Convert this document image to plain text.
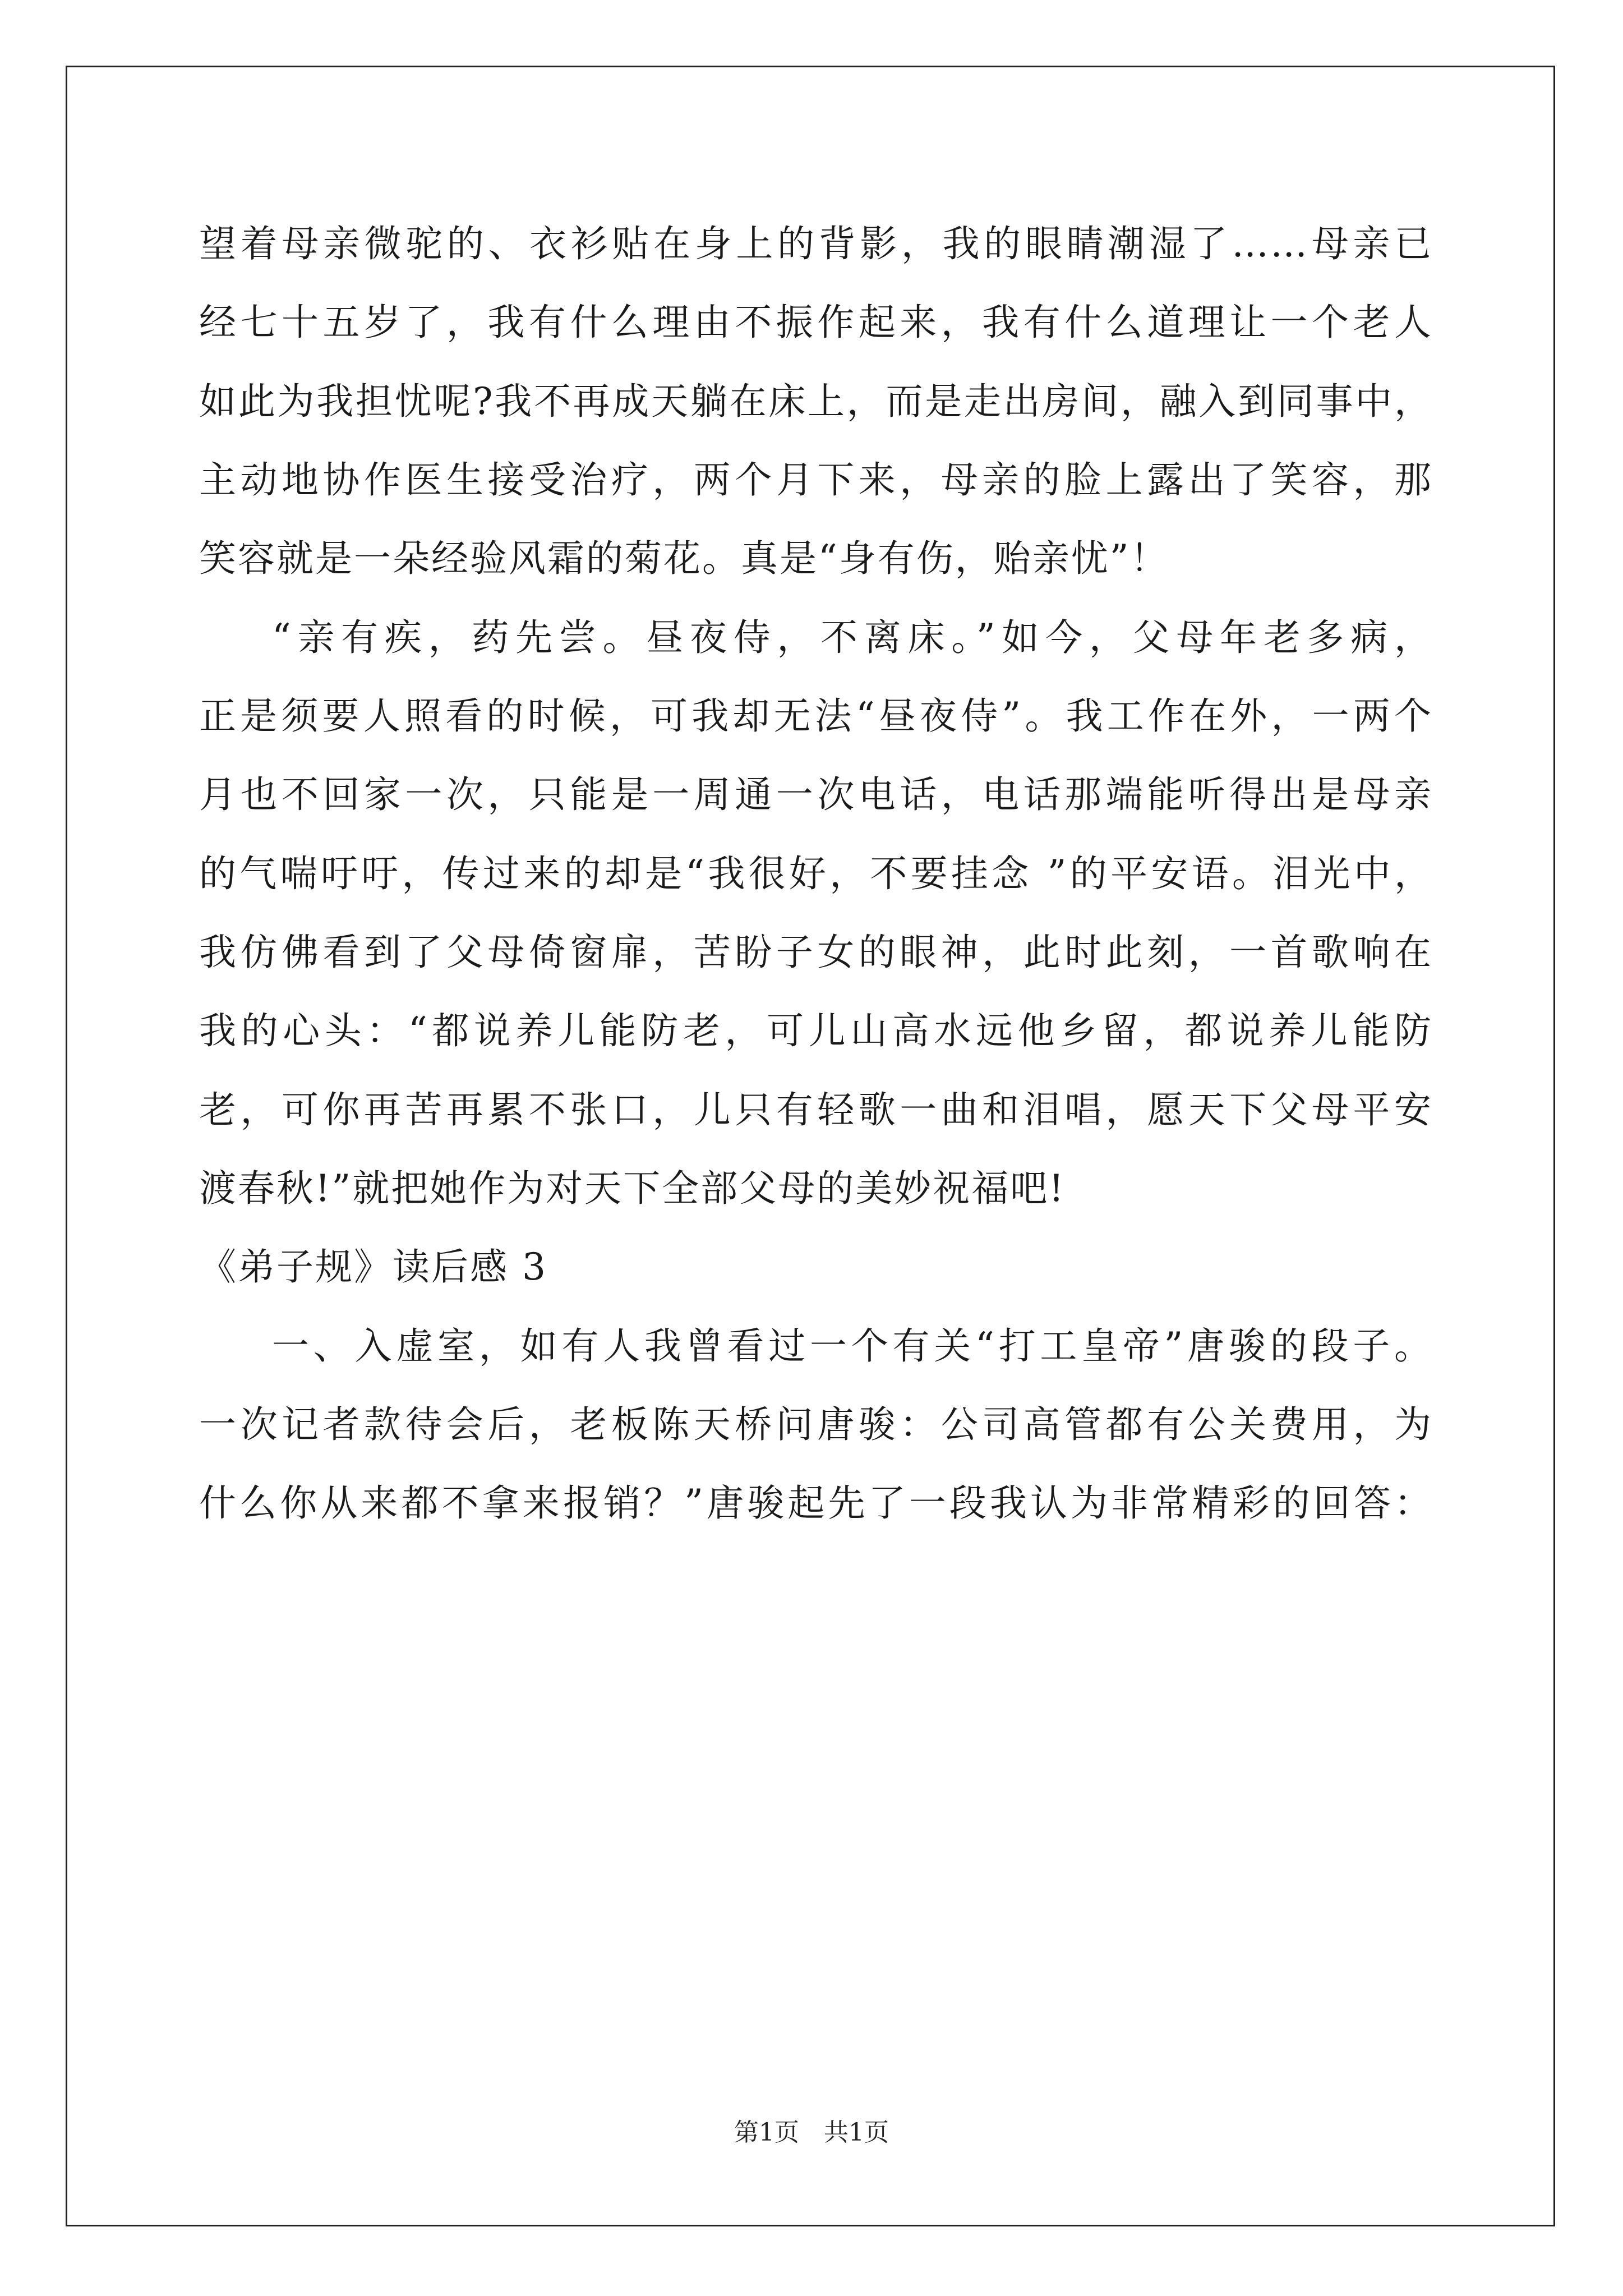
望着母亲微驼的、衣衫贴在身上的背影，我的眼睛潮湿了……母亲已
经七十五岁了，我有什么理由不振作起来，我有什么道理让一个老人
如此为我担忧呢?我不再成天躺在床上，而是走出房间，融入到同事中，
主动地协作医生接受治疗，两个月下来，母亲的脸上露出了笑容，那
笑容就是一朵经验风霜的菊花。真是“身有伤，贻亲忧”！
“亲有疾，药先尝。昼夜侍，不离床。”如今，父母年老多病，
正是须要人照看的时候，可我却无法“昼夜侍”。我工作在外，一两个
月也不回家一次，只能是一周通一次电话，电话那端能听得出是母亲
的气喘吁吁，传过来的却是“我很好，不要挂念 ”的平安语。泪光中，
我仿佛看到了父母倚窗扉，苦盼子女的眼神，此时此刻，一首歌响在
我的心头：“都说养儿能防老，可儿山高水远他乡留，都说养儿能防
老，可你再苦再累不张口，儿只有轻歌一曲和泪唱，愿天下父母平安
渡春秋!”就把她作为对天下全部父母的美妙祝福吧!
《弟子规》读后感 3
一、入虚室，如有人我曾看过一个有关“打工皇帝”唐骏的段子。
一次记者款待会后，老板陈天桥问唐骏：公司高管都有公关费用，为
什么你从来都不拿来报销？”唐骏起先了一段我认为非常精彩的回答：
第1页　共1页
